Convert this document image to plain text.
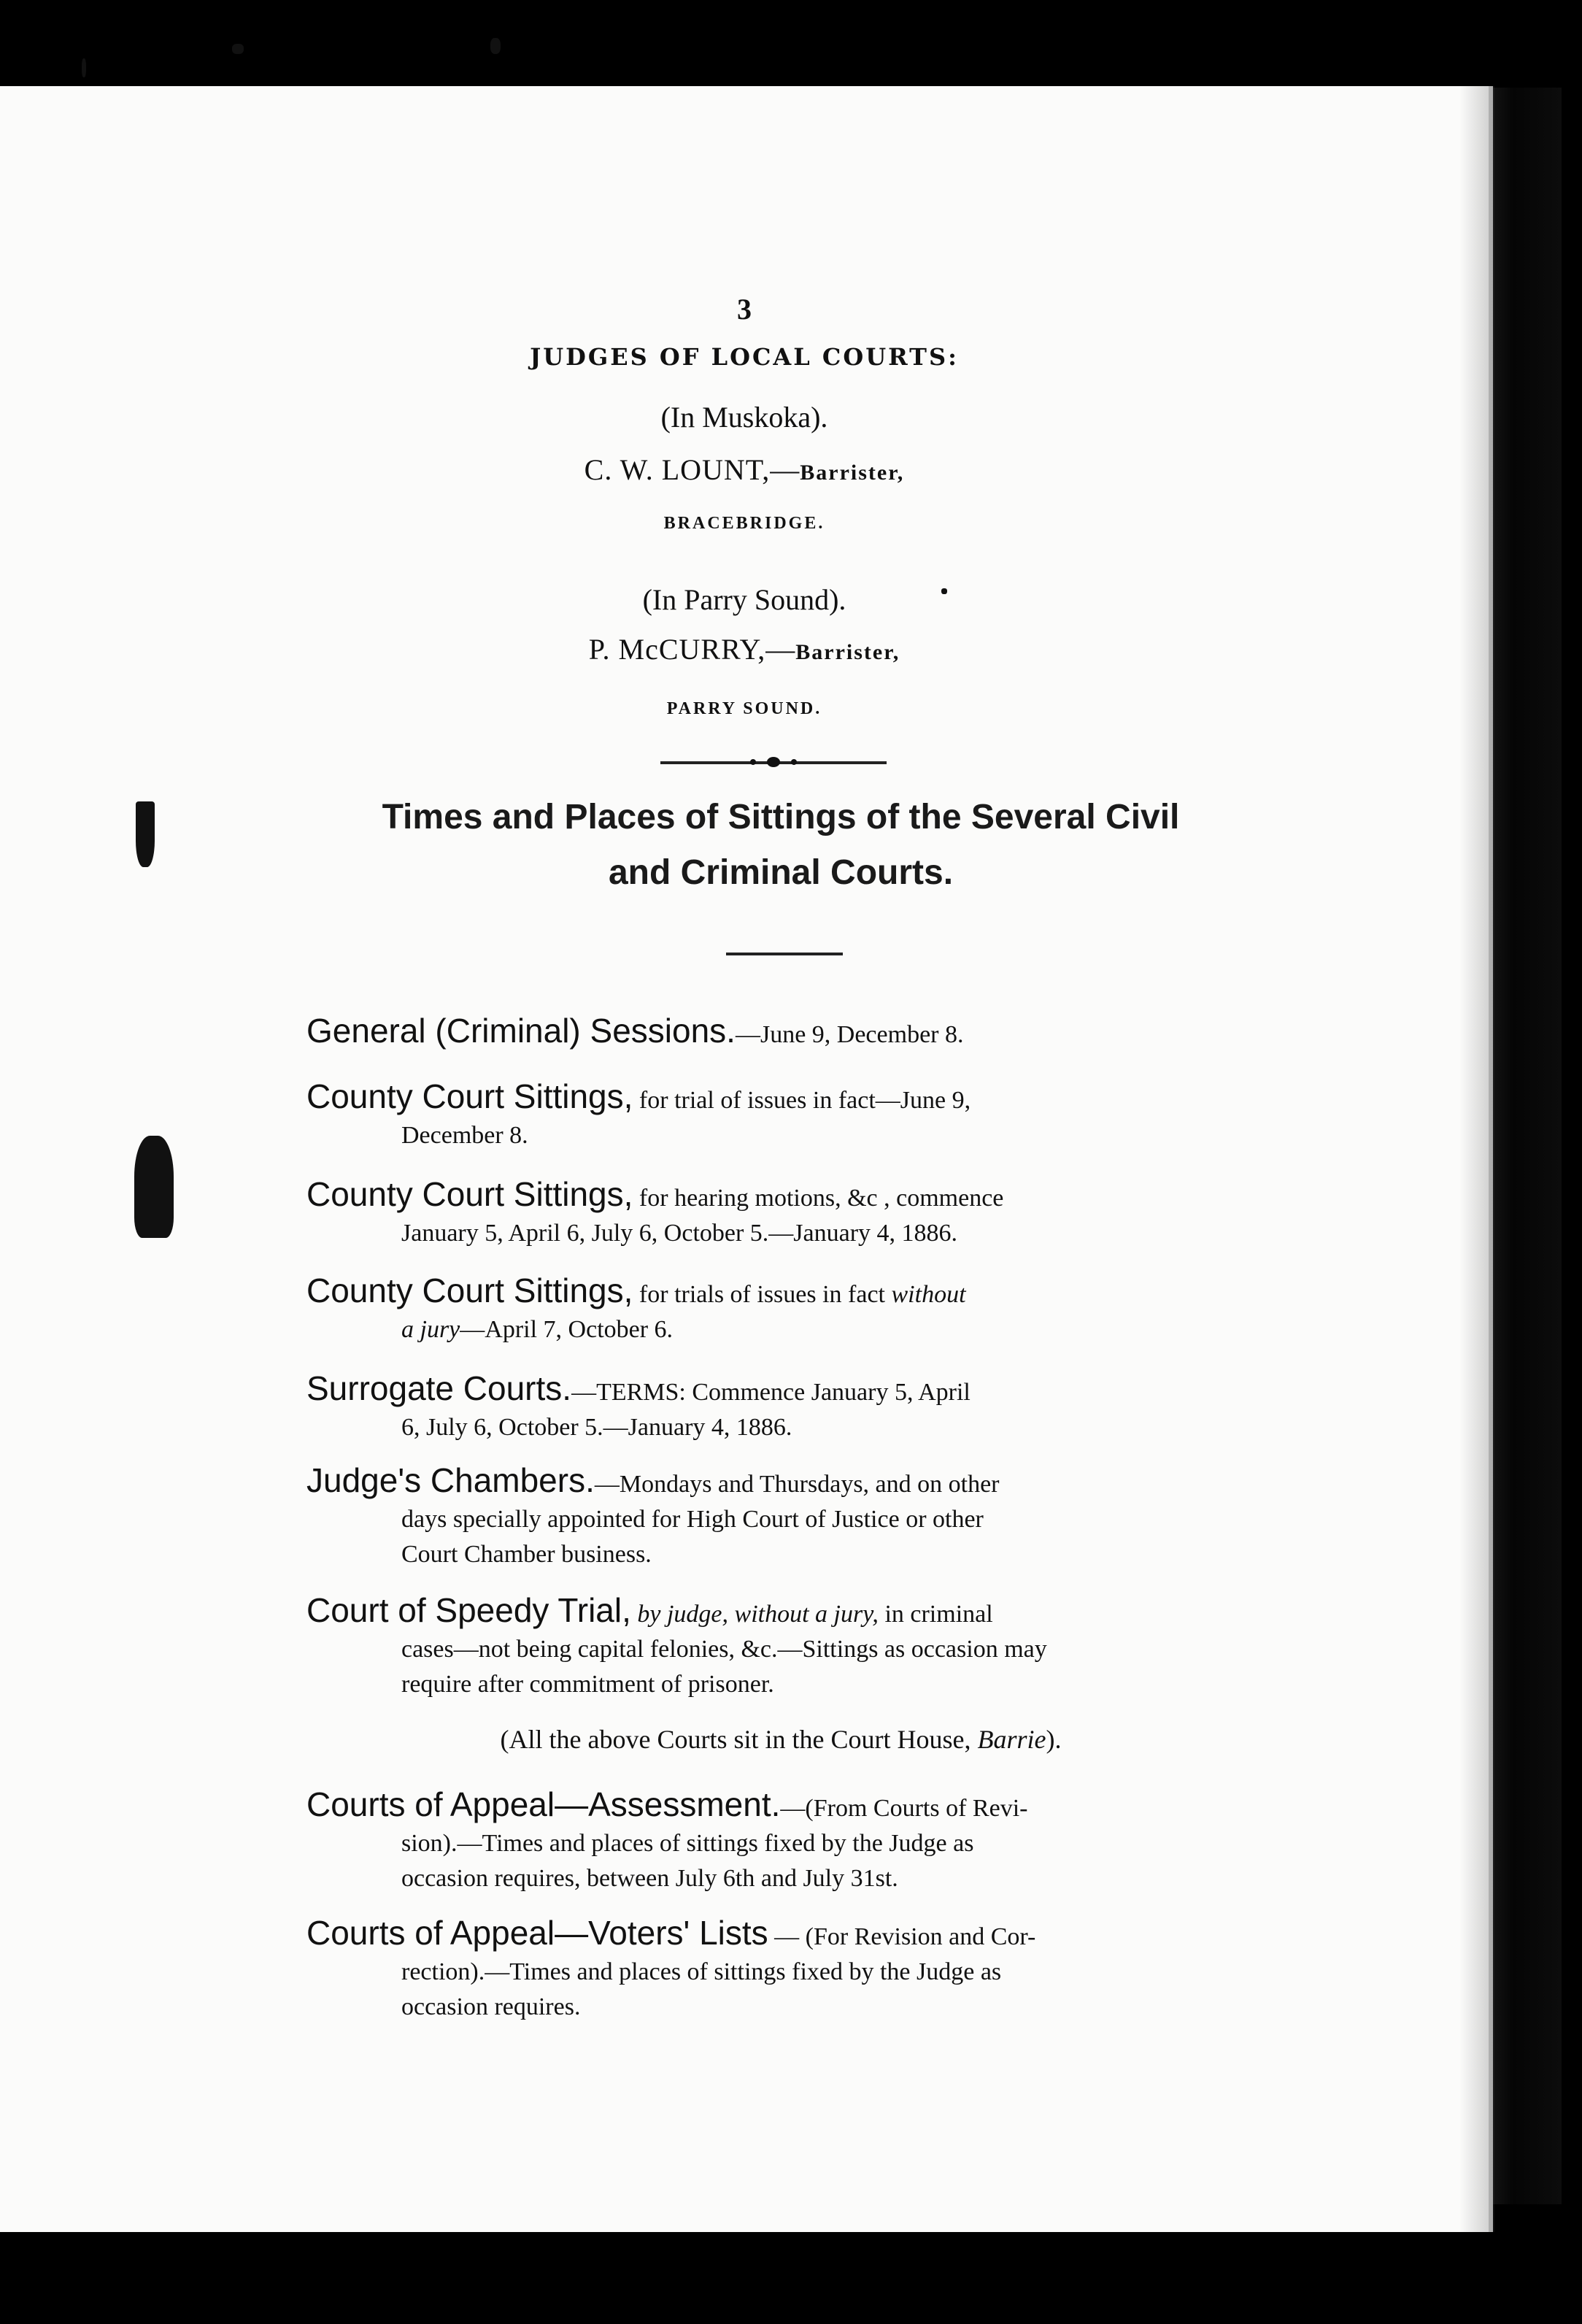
3
JUDGES OF LOCAL COURTS:
(In Muskoka).
C. W. LOUNT,—Barrister,
BRACEBRIDGE.
(In Parry Sound).
P. McCURRY,—Barrister,
PARRY SOUND.
Times and Places of Sittings of the Several Civil
and Criminal Courts.
General (Criminal) Sessions.—June 9, December 8.
County Court Sittings, for trial of issues in fact—June 9,
December 8.
County Court Sittings, for hearing motions, &c , commence
January 5, April 6, July 6, October 5.—January 4, 1886.
County Court Sittings, for trials of issues in fact without
a jury—April 7, October 6.
Surrogate Courts.—TERMS: Commence January 5, April
6, July 6, October 5.—January 4, 1886.
Judge's Chambers.—Mondays and Thursdays, and on other
days specially appointed for High Court of Justice or other
Court Chamber business.
Court of Speedy Trial, by judge, without a jury, in criminal
cases—not being capital felonies, &c.—Sittings as occasion may
require after commitment of prisoner.
(All the above Courts sit in the Court House, Barrie).
Courts of Appeal—Assessment.—(From Courts of Revi-
sion).—Times and places of sittings fixed by the Judge as
occasion requires, between July 6th and July 31st.
Courts of Appeal—Voters' Lists — (For Revision and Cor-
rection).—Times and places of sittings fixed by the Judge as
occasion requires.
